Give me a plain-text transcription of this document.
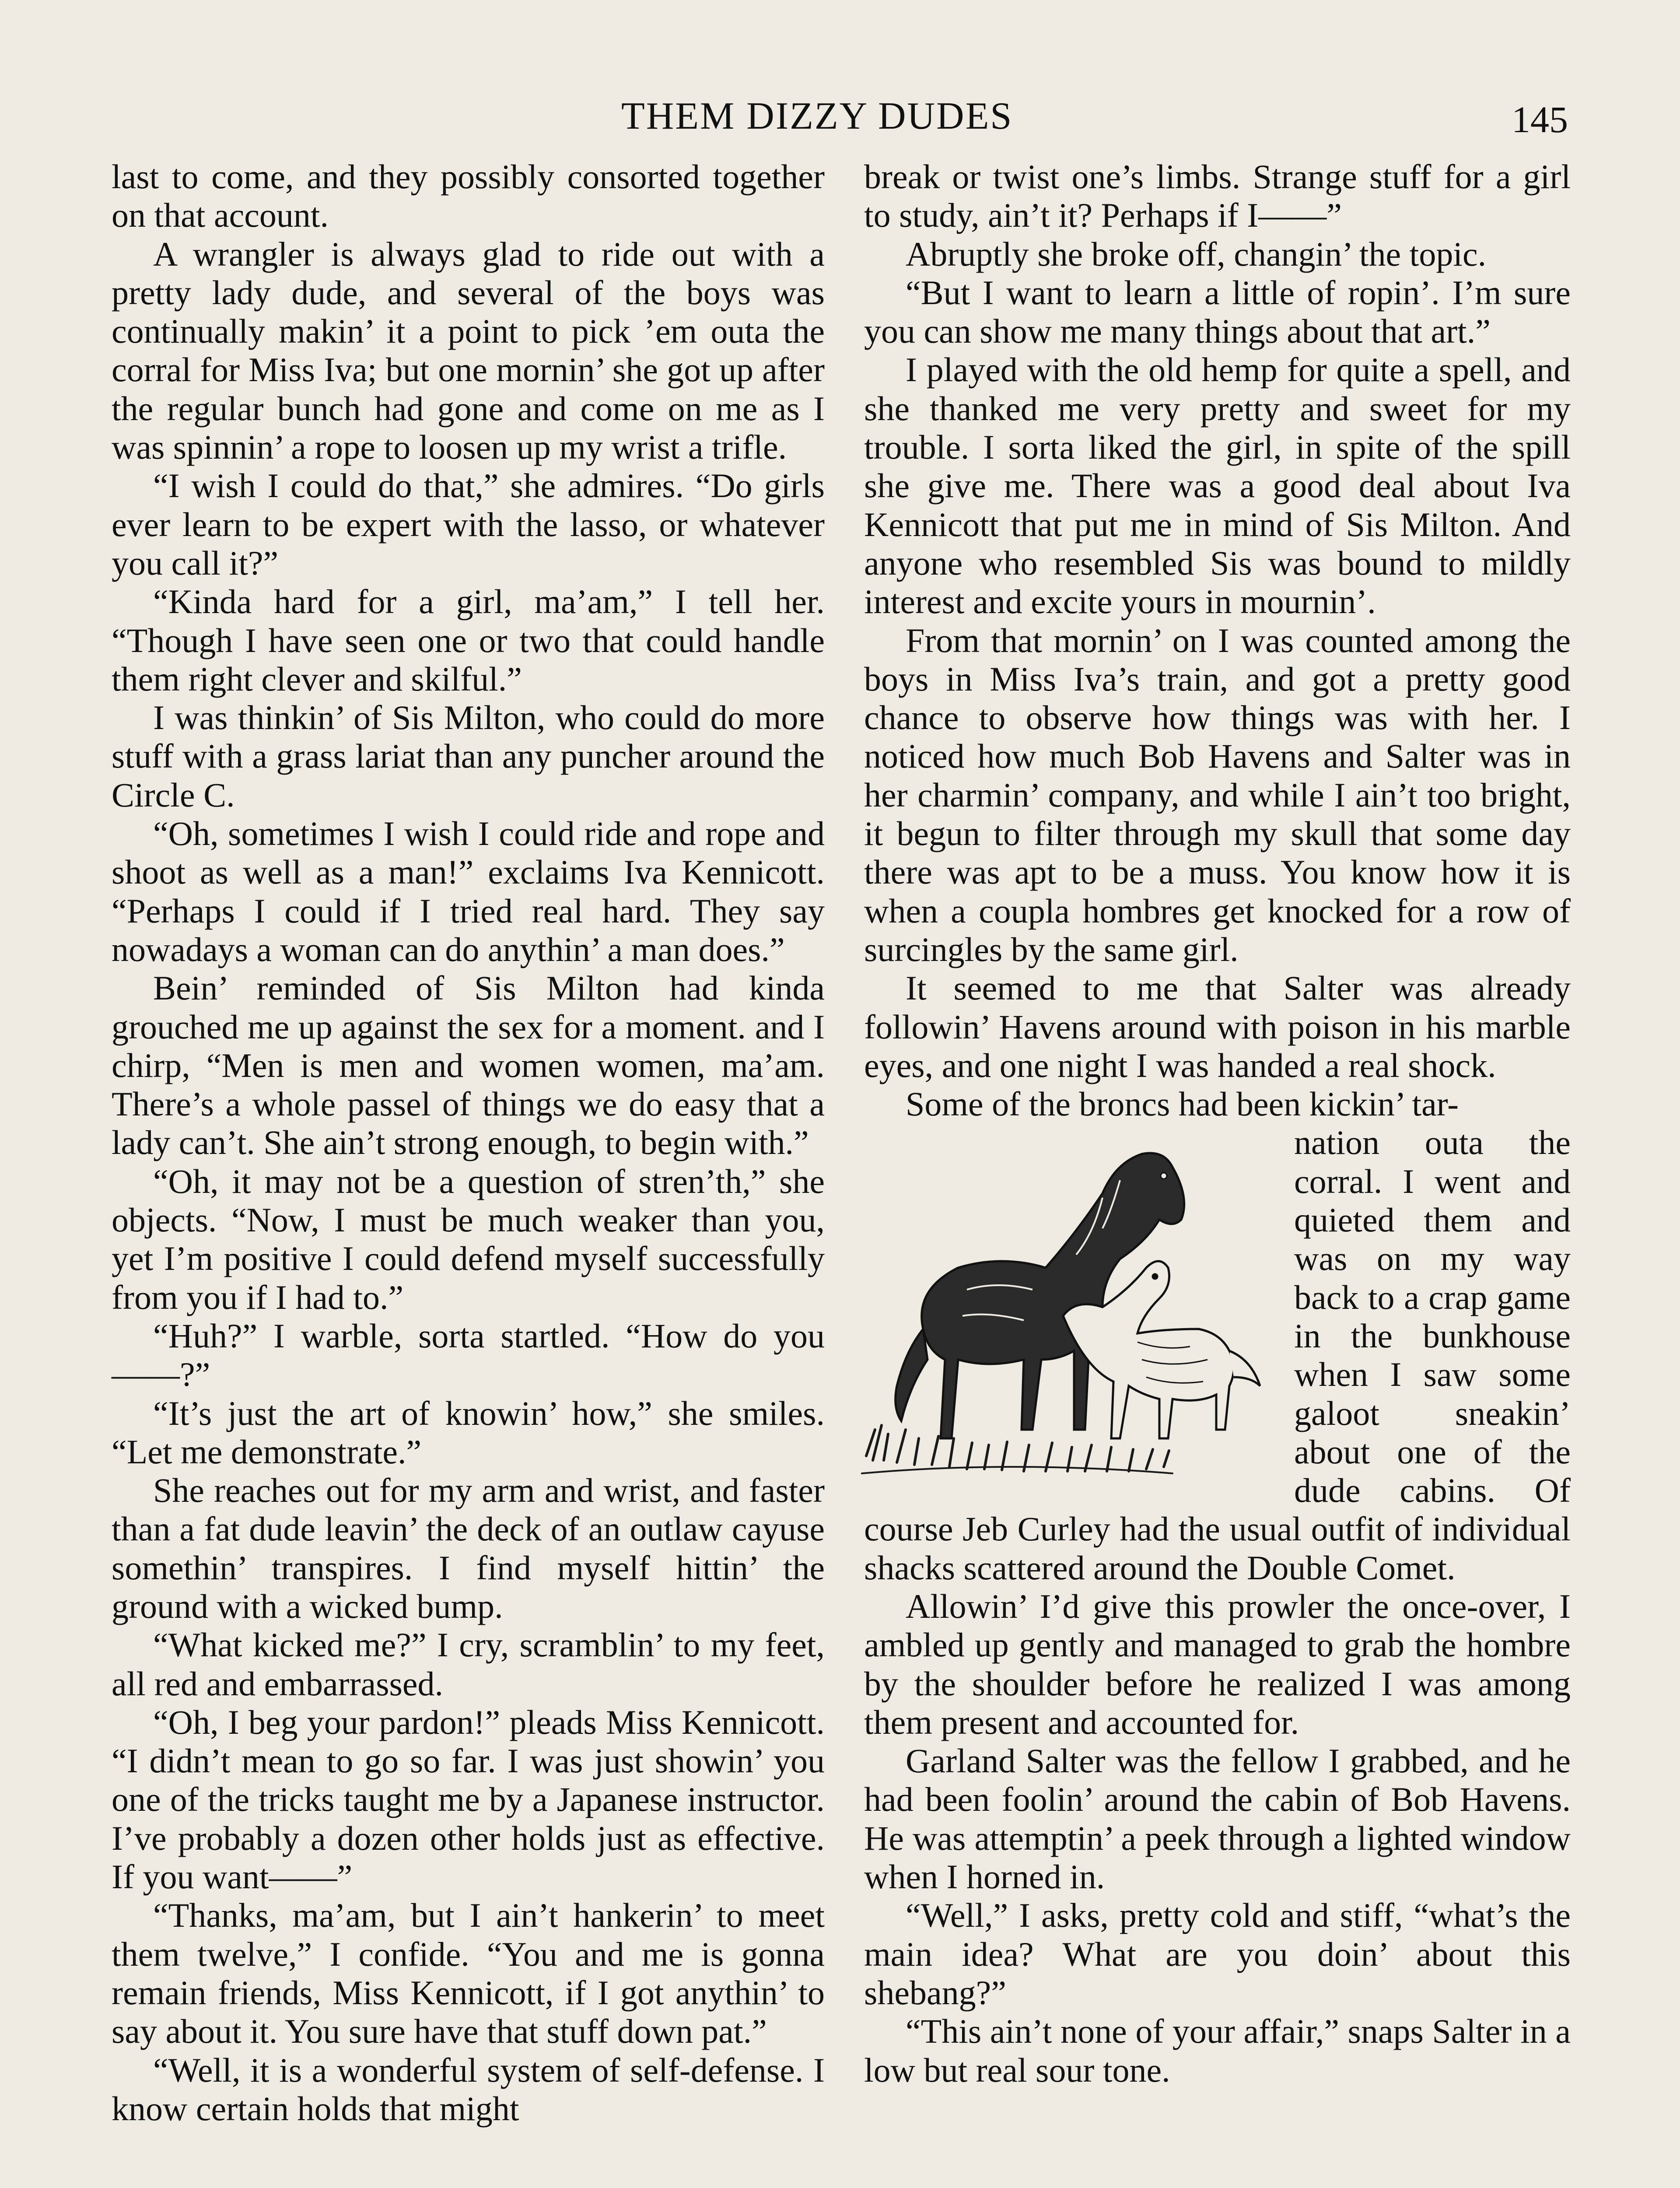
THEM DIZZY DUDES	145

last to come, and they possibly consorted together on that account.

A wrangler is always glad to ride out with a pretty lady dude, and several of the boys was continually makin’ it a point to pick ’em outa the corral for Miss Iva; but one mornin’ she got up after the regular bunch had gone and come on me as I was spinnin’ a rope to loosen up my wrist a trifle.

“I wish I could do that,” she admires. “Do girls ever learn to be expert with the lasso, or whatever you call it?”

“Kinda hard for a girl, ma’am,” I tell her. “Though I have seen one or two that could handle them right clever and skilful.”

I was thinkin’ of Sis Milton, who could do more stuff with a grass lariat than any puncher around the Circle C.

“Oh, sometimes I wish I could ride and rope and shoot as well as a man!” exclaims Iva Kennicott. “Perhaps I could if I tried real hard. They say nowadays a woman can do anythin’ a man does.”

Bein’ reminded of Sis Milton had kinda grouched me up against the sex for a moment. and I chirp, “Men is men and women women, ma’am. There’s a whole passel of things we do easy that a lady can’t. She ain’t strong enough, to begin with.”

“Oh, it may not be a question of stren’th,” she objects. “Now, I must be much weaker than you, yet I’m positive I could defend myself successfully from you if I had to.”

“Huh?” I warble, sorta startled. “How do you——?”

“It’s just the art of knowin’ how,” she smiles. “Let me demonstrate.”

She reaches out for my arm and wrist, and faster than a fat dude leavin’ the deck of an outlaw cayuse somethin’ transpires. I find myself hittin’ the ground with a wicked bump.

“What kicked me?” I cry, scramblin’ to my feet, all red and embarrassed.

“Oh, I beg your pardon!” pleads Miss Kennicott. “I didn’t mean to go so far. I was just showin’ you one of the tricks taught me by a Japanese instructor. I’ve probably a dozen other holds just as effective. If you want——”

“Thanks, ma’am, but I ain’t hankerin’ to meet them twelve,” I confide. “You and me is gonna remain friends, Miss Kennicott, if I got anythin’ to say about it. You sure have that stuff down pat.”

“Well, it is a wonderful system of self-defense. I know certain holds that might

break or twist one’s limbs. Strange stuff for a girl to study, ain’t it? Perhaps if I——”

Abruptly she broke off, changin’ the topic.

“But I want to learn a little of ropin’. I’m sure you can show me many things about that art.”

I played with the old hemp for quite a spell, and she thanked me very pretty and sweet for my trouble. I sorta liked the girl, in spite of the spill she give me. There was a good deal about Iva Kennicott that put me in mind of Sis Milton. And anyone who resembled Sis was bound to mildly interest and excite yours in mournin’.

From that mornin’ on I was counted among the boys in Miss Iva’s train, and got a pretty good chance to observe how things was with her. I noticed how much Bob Havens and Salter was in her charmin’ company, and while I ain’t too bright, it begun to filter through my skull that some day there was apt to be a muss. You know how it is when a coupla hombres get knocked for a row of surcingles by the same girl.

It seemed to me that Salter was already followin’ Havens around with poison in his marble eyes, and one night I was handed a real shock.

Some of the broncs had been kickin’ tar-

nation outa the corral. I went and quieted them and was on my way back to a crap game in the bunkhouse when I saw some galoot sneakin’ about one of the dude cabins. Of course Jeb Curley had the usual outfit of individual shacks scattered around the Double Comet.

Allowin’ I’d give this prowler the once-over, I ambled up gently and managed to grab the hombre by the shoulder before he realized I was among them present and accounted for.

Garland Salter was the fellow I grabbed, and he had been foolin’ around the cabin of Bob Havens. He was attemptin’ a peek through a lighted window when I horned in.

“Well,” I asks, pretty cold and stiff, “what’s the main idea? What are you doin’ about this shebang?”

“This ain’t none of your affair,” snaps Salter in a low but real sour tone.
